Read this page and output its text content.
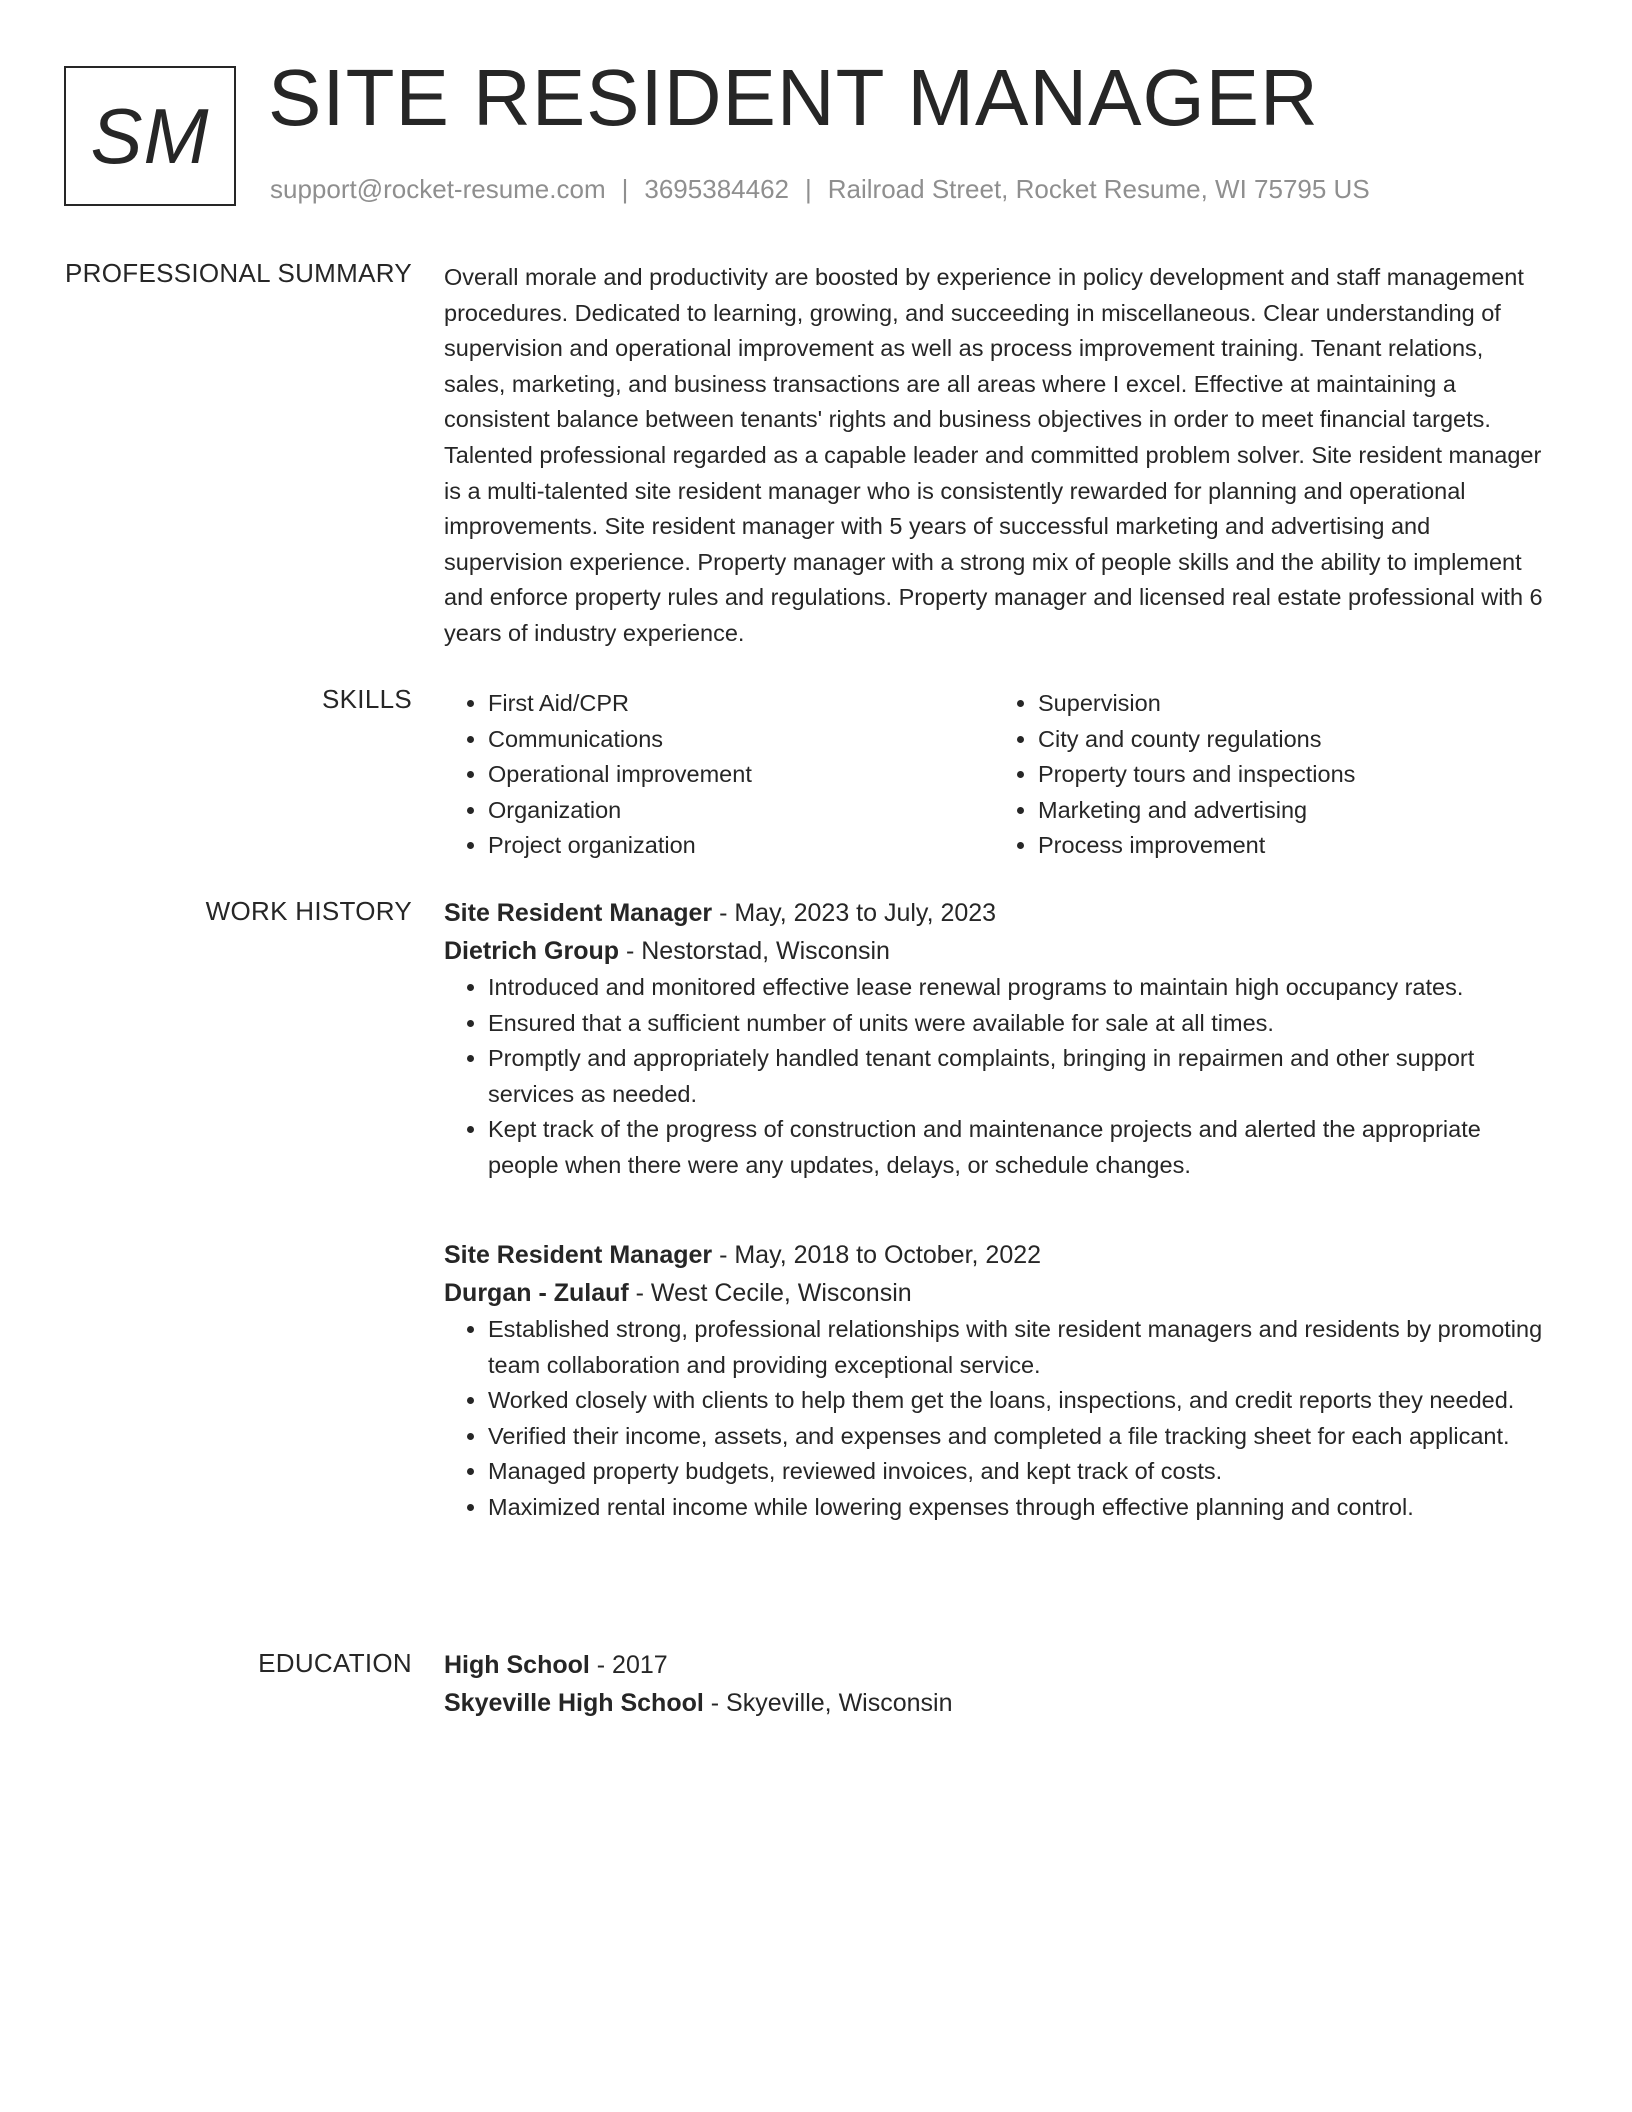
SM SITE RESIDENT MANAGER
support@rocket-resume.com | 3695384462 | Railroad Street, Rocket Resume, WI 75795 US
PROFESSIONAL SUMMARY Overall morale and productivity are boosted by experience in policy development and staff management procedures. Dedicated to learning, growing, and succeeding in miscellaneous. Clear understanding of supervision and operational improvement as well as process improvement training. Tenant relations, sales, marketing, and business transactions are all areas where I excel. Effective at maintaining a consistent balance between tenants' rights and business objectives in order to meet financial targets. Talented professional regarded as a capable leader and committed problem solver. Site resident manager is a multi-talented site resident manager who is consistently rewarded for planning and operational improvements. Site resident manager with 5 years of successful marketing and advertising and supervision experience. Property manager with a strong mix of people skills and the ability to implement and enforce property rules and regulations. Property manager and licensed real estate professional with 6 years of industry experience.

SKILLS
•	First Aid/CPR
• Communications
• Operational improvement
• Organization
• Project organization
• Supervision
• City and county regulations
• Property tours and inspections
• Marketing and advertising
• Process improvement
WORK HISTORY Site Resident Manager - May, 2023 to July, 2023
Dietrich Group - Nestorstad, Wisconsin
• Introduced and monitored effective lease renewal programs to maintain high occupancy rates.
• Ensured that a sufficient number of units were available for sale at all times.
• Promptly and appropriately handled tenant complaints, bringing in repairmen and other support services as needed.
• Kept track of the progress of construction and maintenance projects and alerted the appropriate people when there were any updates, delays, or schedule changes.
Site Resident Manager - May, 2018 to October, 2022
Durgan - Zulauf - West Cecile, Wisconsin
• Established strong, professional relationships with site resident managers and residents by promoting team collaboration and providing exceptional service.
• Worked closely with clients to help them get the loans, inspections, and credit reports they needed.
• Verified their income, assets, and expenses and completed a file tracking sheet for each applicant.
• Managed property budgets, reviewed invoices, and kept track of costs.
• Maximized rental income while lowering expenses through effective planning and control.
EDUCATION High School - 2017
Skyeville High School - Skyeville, Wisconsin
